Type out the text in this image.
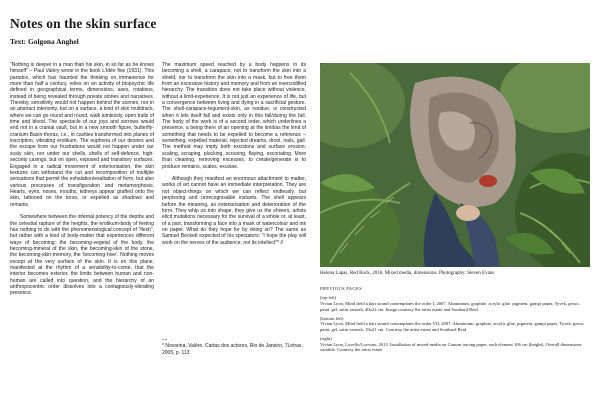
Notes on the skin surface
Text: Golgona Anghel

“Nothing is deeper in a man than his skin, in so far as he knows himself” – Paul Valéry wrote in the book L’Idée fixe (1931). This paradox, which has haunted the thinking on immanence for more than half a century, relies on an activity of biopsychic life defined in geographical terms, dimensions, axes, rotations, instead of being revealed through private stories and narratives. Thereby, sensitivity would not happen behind the scenes, nor in an abstract interiority, but on a surface, a kind of skin multitrack, where we can go round and round, walk aimlessly, open trails of time and blood. The spectacle of our joys and sorrows would end not in a cranial vault, but in a new smooth figure, butterfly-cranium-Basin-thorax, i.e., in cavities transformed into planes of inscription, vibrating erotikum. The euphoria of our desires and the escape from our frustrations would not happen under our scaly skin, nor under our shells, shells of self-defence, high-security casings, but on open, exposed and transitory surfaces. Engaged in a radical movement of exteriorisation, the skin textures can withstand the cut and recomposition of multiple sensations that permit the exhalation/exaltation of form, but also various processes of transfiguration and metamorphosis. Hearts, eyes, noses, mouths, kidneys appear grafted onto the skin, tattooed on the torso, or expelled as shadows and remains.

Somewhere between the infernal potency of the depths and the celestial rapture of the heights, the erotikum-body of feeling has nothing to do with the phenomenological concept of “flesh”, but rather with a kind of body-matter that experiences different ways of becoming: the becoming-vegetal of the body, the becoming-mineral of the skin, the becoming-skin of the stone, the becoming-skin-memory, the ‘becoming-hive’. Nothing moves except at the very surface of the skin. It is on this plane, manifested at the rhythm of a sensibility-to-come, that the interior becomes exterior, the limits between human and non-human are called into question, and the hierarchy of an anthropocentric order dissolves into a contagiously-vibrating presence.

The maximum speed reached by a body happens in its becoming a shell, a carapace, not to transform the skin into a shield, nor to transform the skin into a mask, but to free them from an excessive history and memory and from an overcodified hierarchy. The transition does not take place without violence, without a limit-experience. It is not just an experience of life, but a convergence between living and dying in a sacrificial gesture. The shell-carapace-tegument-skin, as residue, is constructed when it lets itself fall and exists only in this fall/during the fall. The body of the work is of a second order, which underlines a presence, a being there of an opening at the limit/as the limit of something that needs to be expelled to become a reference – something, expelled material, rejected dreams, drool, nails, gall. The method may imply both excisions and surface erosion: scaling, scraping, plucking, scouring, flaying, excoriating. More than cleaning, removing excesses, to create/generate is to produce remains, scales, exuviae.

Although they manifest an enormous attachment to matter, works of art cannot have an immediate interpretation. They are not object-things on which we can reflect endlessly, but perplexing and unrecognisable instants. The shell appears before the meaning, as exteriorisation and deterioration of the form. They whip us into shape, they give us the shivers, artists elicit mutations necessary for the survival of a whole or, at least, of a part, transforming a face into a mask of watercolour and ink on paper. What do they hope for by doing so? The same as Samuel Beckett expected of his spectators: “I hope the play will work on the nerves of the audience, not its intellect”* //

—
* Novarina, Valère, Cartas dos actores, Rio de Janeiro, 7Letras, 2005, p. 113
Helena Lapas, Red Rock, 2016. Mixed media, dimensions. Photography: Steven Evans
PREVIOUS PAGES
(top left)
Vivian Lyon, Mind field a hair strand contemplates the order I, 2007. Aluminium, graphite, acrylic glue, pigment, gampi paper, Tyvek, gesso, paint, gel, satin varnish, 40x22 cm. Image courtesy the artist estate and Southard Reid
(bottom left)
Vivian Lyon, Mind field a hair strand contemplates the order VII, 2007. Aluminium, graphite, acrylic glue, pigment, gampi paper, Tyvek, gesso, paint, gel, satin varnish, 19x21 cm. Courtesy the artist estate and Southard Reid
(right)
Vivian Lyon, Lovello/Lovvino, 2013. Installation of mixed media on Canson tracing paper, each element 106 cm (height). Overall dimensions variable. Courtesy the artist estate
